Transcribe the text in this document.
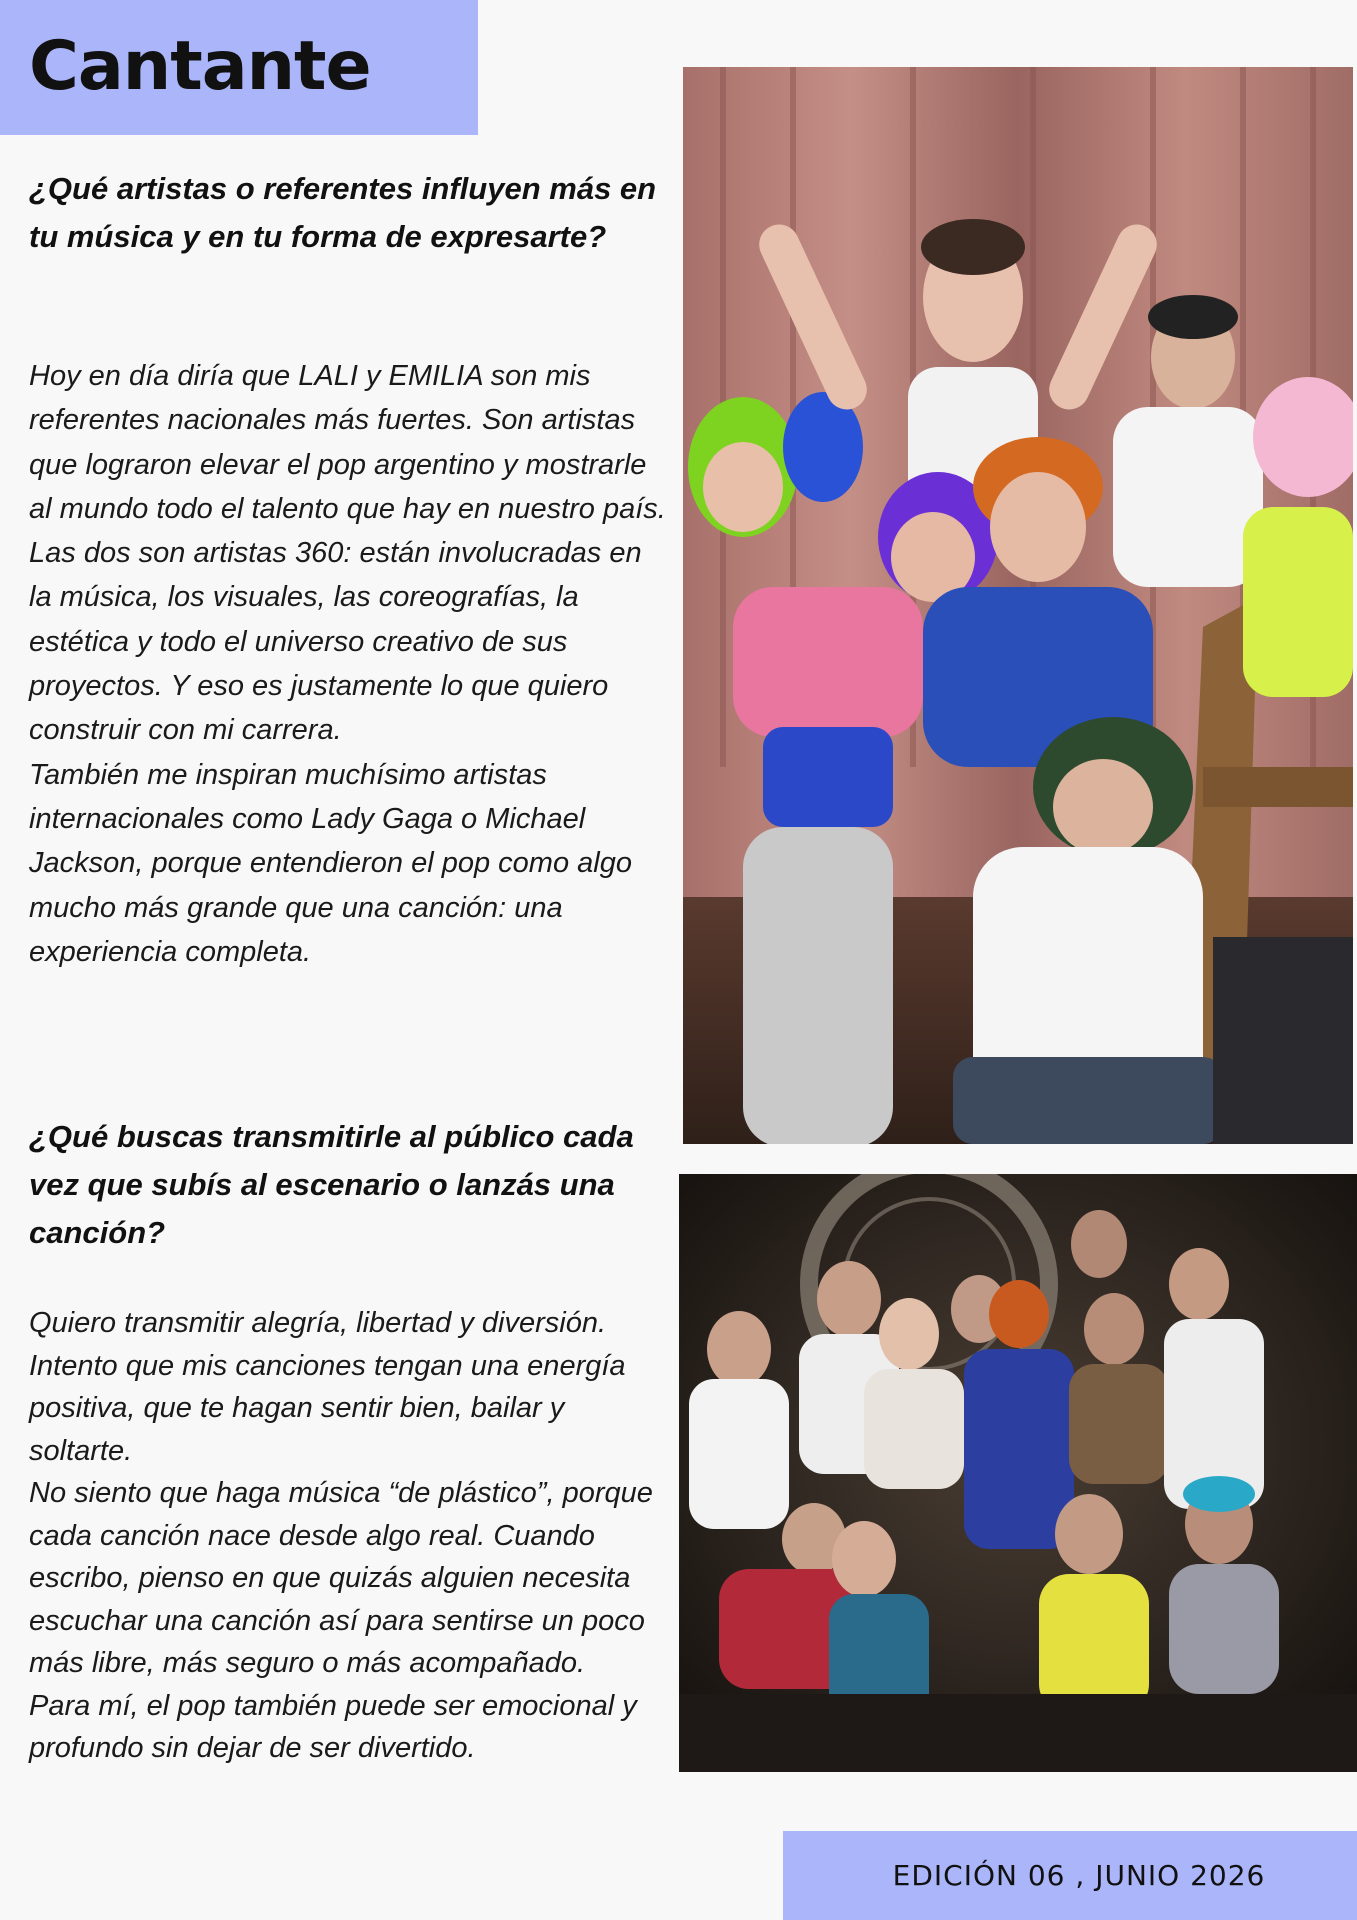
Cantante

¿Qué artistas o referentes influyen más en tu música y en tu forma de expresarte?

Hoy en día diría que LALI y EMILIA son mis referentes nacionales más fuertes. Son artistas que lograron elevar el pop argentino y mostrarle al mundo todo el talento que hay en nuestro país.
Las dos son artistas 360: están involucradas en la música, los visuales, las coreografías, la estética y todo el universo creativo de sus proyectos. Y eso es justamente lo que quiero construir con mi carrera.
También me inspiran muchísimo artistas internacionales como Lady Gaga o Michael Jackson, porque entendieron el pop como algo mucho más grande que una canción: una experiencia completa.

¿Qué buscas transmitirle al público cada vez que subís al escenario o lanzás una canción?

Quiero transmitir alegría, libertad y diversión. Intento que mis canciones tengan una energía positiva, que te hagan sentir bien, bailar y soltarte.
No siento que haga música “de plástico”, porque cada canción nace desde algo real. Cuando escribo, pienso en que quizás alguien necesita escuchar una canción así para sentirse un poco más libre, más seguro o más acompañado.
Para mí, el pop también puede ser emocional y profundo sin dejar de ser divertido.

EDICIÓN 06 , JUNIO 2026
